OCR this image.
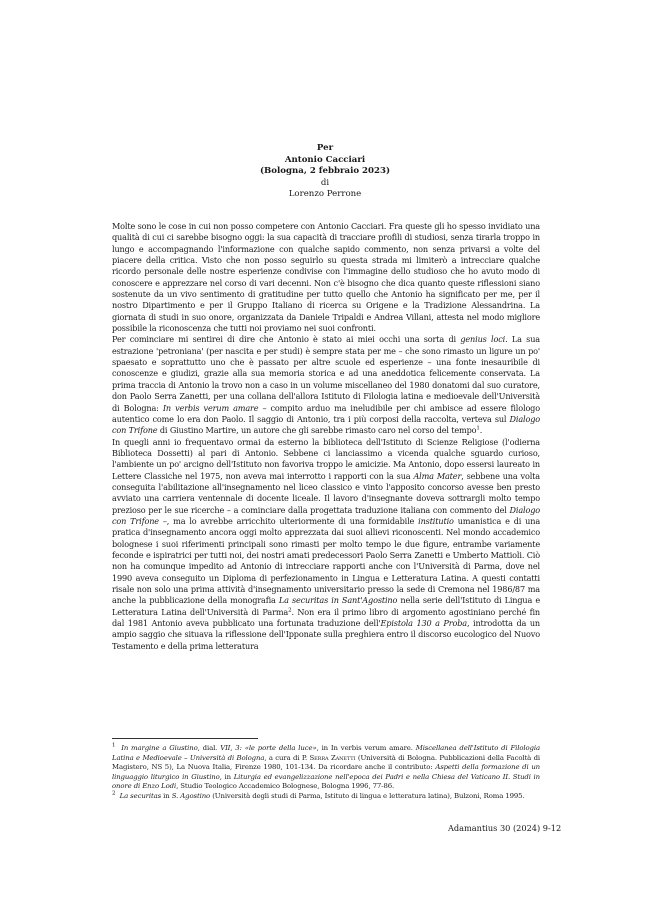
Per
Antonio Cacciari
(Bologna, 2 febbraio 2023)
di
Lorenzo Perrone

Molte sono le cose in cui non posso competere con Antonio Cacciari. Fra queste gli ho spesso invidiato una qualità di cui ci sarebbe bisogno oggi: la sua capacità di tracciare profili di studiosi, senza tirarla troppo in lungo e accompagnando l'informazione con qualche sapido commento, non senza privarsi a volte del piacere della critica. Visto che non posso seguirlo su questa strada mi limiterò a intrecciare qualche ricordo personale delle nostre esperienze condivise con l'immagine dello studioso che ho avuto modo di conoscere e apprezzare nel corso di vari decenni. Non c'è bisogno che dica quanto queste riflessioni siano sostenute da un vivo sentimento di gratitudine per tutto quello che Antonio ha significato per me, per il nostro Dipartimento e per il Gruppo Italiano di ricerca su Origene e la Tradizione Alessandrina. La giornata di studi in suo onore, organizzata da Daniele Tripaldi e Andrea Villani, attesta nel modo migliore possibile la riconoscenza che tutti noi proviamo nei suoi confronti.

Per cominciare mi sentirei di dire che Antonio è stato ai miei occhi una sorta di genius loci. La sua estrazione 'petroniana' (per nascita e per studi) è sempre stata per me – che sono rimasto un ligure un po' spaesato e soprattutto uno che è passato per altre scuole ed esperienze – una fonte inesauribile di conoscenze e giudizi, grazie alla sua memoria storica e ad una aneddotica felicemente conservata. La prima traccia di Antonio la trovo non a caso in un volume miscellaneo del 1980 donatomi dal suo curatore, don Paolo Serra Zanetti, per una collana dell'allora Istituto di Filologia latina e medioevale dell'Università di Bologna: In verbis verum amare – compito arduo ma ineludibile per chi ambisce ad essere filologo autentico come lo era don Paolo. Il saggio di Antonio, tra i più corposi della raccolta, verteva sul Dialogo con Trifone di Giustino Martire, un autore che gli sarebbe rimasto caro nel corso del tempo$^1$.

In quegli anni io frequentavo ormai da esterno la biblioteca dell'Istituto di Scienze Religiose (l'odierna Biblioteca Dossetti) al pari di Antonio. Sebbene ci lanciassimo a vicenda qualche sguardo curioso, l'ambiente un po' arcigno dell'Istituto non favoriva troppo le amicizie. Ma Antonio, dopo essersi laureato in Lettere Classiche nel 1975, non aveva mai interrotto i rapporti con la sua Alma Mater, sebbene una volta conseguita l'abilitazione all'insegnamento nel liceo classico e vinto l'apposito concorso avesse ben presto avviato una carriera ventennale di docente liceale. Il lavoro d'insegnante doveva sottrargli molto tempo prezioso per le sue ricerche – a cominciare dalla progettata traduzione italiana con commento del Dialogo con Trifone –, ma lo avrebbe arricchito ulteriormente di una formidabile institutio umanistica e di una pratica d'insegnamento ancora oggi molto apprezzata dai suoi allievi riconoscenti. Nel mondo accademico bolognese i suoi riferimenti principali sono rimasti per molto tempo le due figure, entrambe variamente feconde e ispiratrici per tutti noi, dei nostri amati predecessori Paolo Serra Zanetti e Umberto Mattioli. Ciò non ha comunque impedito ad Antonio di intrecciare rapporti anche con l'Università di Parma, dove nel 1990 aveva conseguito un Diploma di perfezionamento in Lingua e Letteratura Latina. A questi contatti risale non solo una prima attività d'insegnamento universitario presso la sede di Cremona nel 1986/87 ma anche la pubblicazione della monografia La securitas in Sant'Agostino nella serie dell'Istituto di Lingua e Letteratura Latina dell'Università di Parma$^2$. Non era il primo libro di argomento agostiniano perché fin dal 1981 Antonio aveva pubblicato una fortunata traduzione dell'Epistola 130 a Proba, introdotta da un ampio saggio che situava la riflessione dell'Ipponate sulla preghiera entro il discorso eucologico del Nuovo Testamento e della prima letteratura

$^1$ In margine a Giustino, dial. VII, 3: «le porte della luce», in In verbis verum amare. Miscellanea dell'Istituto di Filologia Latina e Medioevale – Università di Bologna, a cura di P. Serra Zanetti (Università di Bologna. Pubblicazioni della Facoltà di Magistero, NS 5), La Nuova Italia, Firenze 1980, 101-134. Da ricordare anche il contributo: Aspetti della formazione di un linguaggio liturgico in Giustino, in Liturgia ed evangelizzazione nell'epoca dei Padri e nella Chiesa del Vaticano II. Studi in onore di Enzo Lodi, Studio Teologico Accademico Bolognese, Bologna 1996, 77-86.

$^2$ La securitas in S. Agostino (Università degli studi di Parma, Istituto di lingua e letteratura latina), Bulzoni, Roma 1995.

Adamantius 30 (2024) 9-12
